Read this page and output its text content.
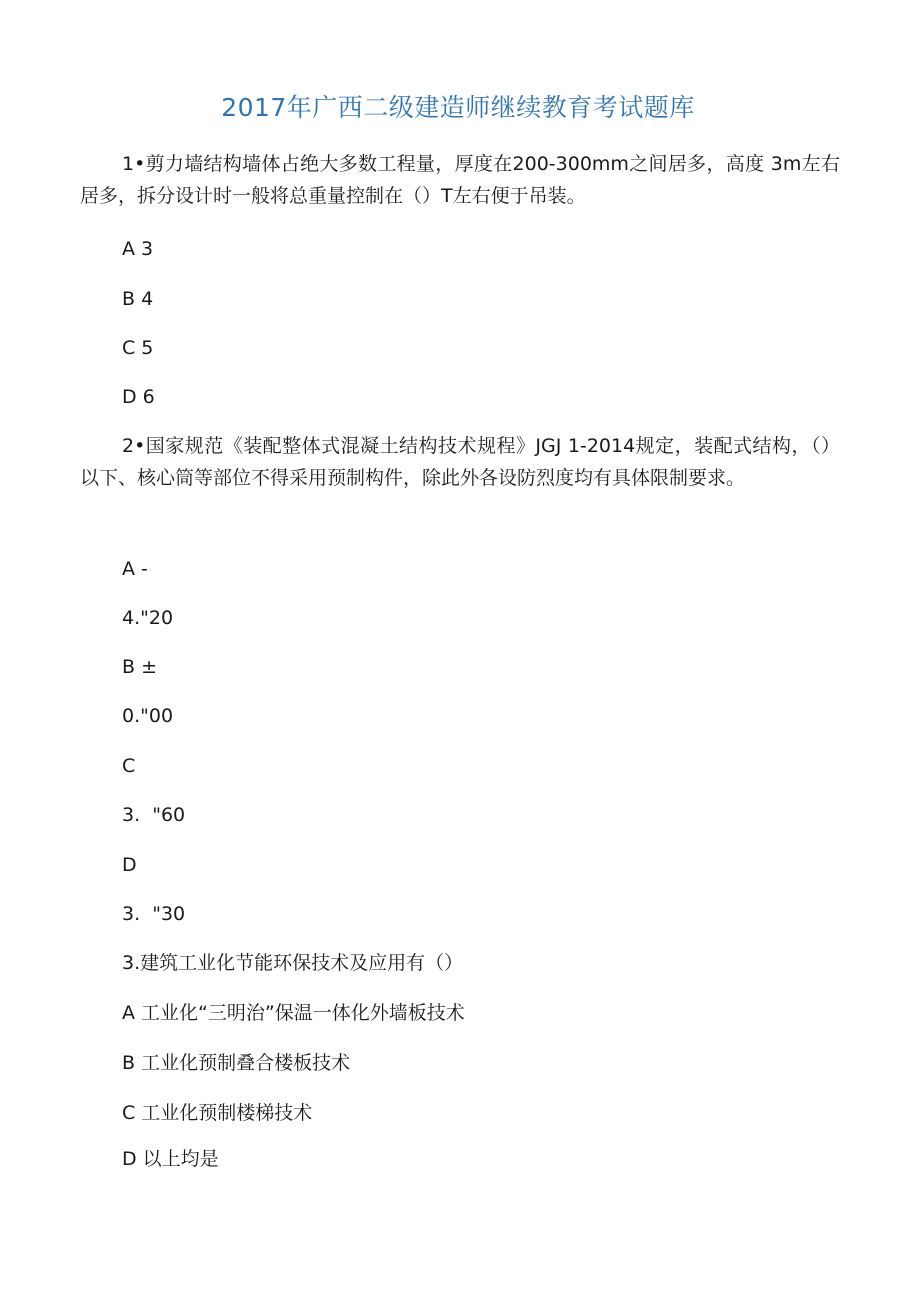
2017年广西二级建造师继续教育考试题库
1•剪力墙结构墙体占绝大多数工程量，厚度在200-300mm之间居多，高度 3m左右居多，拆分设计时一般将总重量控制在（）T左右便于吊装。
A 3
B 4
C 5
D 6
2•国家规范《装配整体式混凝土结构技术规程》JGJ 1-2014规定，装配式结构，（）以下、核心筒等部位不得采用预制构件，除此外各设防烈度均有具体限制要求。
A -
4."20
B ±
0."00
C
3.  "60
D
3.  "30
3.建筑工业化节能环保技术及应用有（）
A 工业化“三明治”保温一体化外墙板技术
B 工业化预制叠合楼板技术
C 工业化预制楼梯技术
D 以上均是
